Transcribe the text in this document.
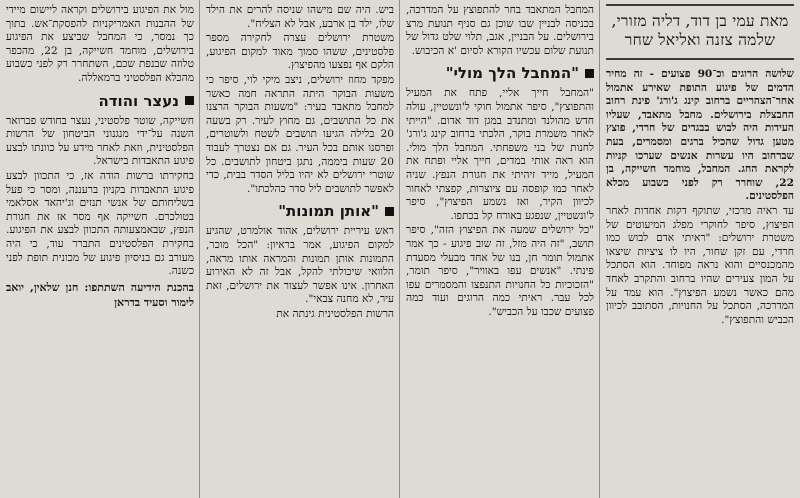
מאת עמי בן דוד, דליה מזורי, שלמה צזנה ואליאל שחר

שלושה הרוגים וכ־90 פצועים - זה מחיר הדמים של פיגוע התופת שאירע אתמול אחר־הצהריים ברחוב קינג ג'ורג' פינת רחוב החבצלת בירושלים. מחבל מתאבד, שעליו העידות היה לבוש בבגדים של חרדי, פוצץ מטען גדול שהכיל ברגים ומסמרים, בעת שברחוב היו עשרות אנשים שערכו קניות לקראת החג. המחבל, מוחמד חשייקה, בן 22, שוחרר רק לפני כשבוע מכלא הפלסטינים.

עד ראיה מרכזי, שתוקף דקות אחדות לאחר הפיצוץ, סיפר לחוקרי מפלג המיעוטים של משטרת ירושלים: "ראיתי אדם לבוש כמו חרדי, עם זקן שחור, היו לו ציציות שיצאו מהמכנסיים והוא נראה מפוחד. הוא הסתכל על המון צעירים שהיו ברחוב והתקרב לאחד מהם כאשר נשמע הפיצוץ". הוא עמד על המדרכה, הסתכל על החנויות, הסתובב לכיוון הכביש והתפוצץ".

המחבל המתאבד בחר להתפוצץ על המדרכה, בכניסה לבניין שבו שוכן גם סניף תנועת מרצ בירושלים. על הבניין, אגב, תלוי שלט גדול של תנועת שלום עכשיו הקורא לסיום 'א הכיבוש.

"המחבל הלך מולי"

"המחבל חייך אליי, פתח את המעיל והתפוצץ", סיפר אתמול חוקי ל'ונשטיין, עולה חדש מהולנד ומתנדב במגן דוד אדום. "הייתי לאחר משמרת בוקר, הלכתי ברחוב קינג ג'ורג' לחנות של בני משפחתי. המחבל הלך מולי. הוא ראה אותי במדים, חייך אליי ופתח את המעיל, מייד זיהיתי את חגורת הנפץ. שניה לאחר כמו קופסה עם ציוצרות, קפצתי לאחור לכיוון הקיר, ואז נשמע הפיצוץ", סיפר ל'ונשטיין, שנפגע באורח קל בכתפו.

"כל ירושלים שמעה את הפיצוץ הזה", סיפר תושב, "זה היה מזל, זה שוב פיגוע - כך אמר אתמול תומר חן, בנו של אחד מבעלי מסעדת פינתי. "אנשים עפו באוויר", סיפר תומר, "הזכוכיות כל החנויות התנפצו והמסמרים עפו לכל עבר. ראיתי כמה הרוגים ועוד כמה פצועים שכבו על הכביש".

ביש. היה שם מישהו שניסה להרים את הילד שלו, ילד בן ארבע, אבל לא הצליח".

משטרת ירושלים עצרה לחקירה מספר פלסטינים, ששהו סמוך מאוד למקום הפיגוע, הלקם אף נפצעו מהפיצוץ.

מפקד מחוז ירושלים, ניצב מיקי לוי, סיפר כי משעות הבוקר היתה התראה חמה כאשר למחבל מתאבד בעיר: "משעות הבוקר הרצנו את כל התושבים, גם מחוץ לעיר. רק בשעה 20 בלילה הגיעו תושבים לשטח ולשוטרים, ופרסנו אותם בכל העיר. גם אם נצטרך לעבוד 20 שעות ביממה, נתגן ביטחון לתושבים. כל שוטרי ירושלים לא יהיו בליל הסדר בבית, כדי לאפשר לתושבים ליל סדר כהלכתו".

"אותן תמונות"

ראש עיריית ירושלים, אהוד אולמרט, שהגיע למקום הפיגוע, אמר בראיון: "הכל מוכר, התמונות אותן תמונות והמראה אותו מראה, הלוואי שיכולתי להקל, אבל זה לא האירוע האחרון. אינו אפשר לעצור את ירושלים, זאת עיר, לא מחנה צבאי".

הרשות הפלסטינית גינתה את

מול את הפיגוע בירושלים וקראה ליישום מיידי של ההבנות האמריקניות להפסקת־אש. בתוך כך נמסר, כי המחבל שביצע את הפיגוע בירושלים, מוחמד חשייקה, בן 22, מהכפר טלוזה שבנפת שכם, השתחרר רק לפני כשבוע מהכלא הפלסטיני ברמאללה.

נעצר והודה

חשייקה, שוטר פלסטיני, נעצר בחודש פברואר השנה על־ידי מנגנוני הביטחון של הרשות הפלסטינית, וזאת לאחר מידע על כוונתו לבצע פיגוע התאבדות בישראל.

בחקירתו ברשות הודה אז, כי התכוון לבצע פיגוע התאבדות בקניון ברעננה, ומסר כי פעל בשליחותם של אנשי תנזים וג'יהאד אסלאמי בטולכרם. חשייקה אף מסר אז את חגורת הנפץ, שבאמצעותה התכוון לבצע את הפיגוע. בחקירת הפלסטינים התברר עוד, כי היה מעורב גם בניסיון פיגוע של מכונית תופת לפני כשנה.

בהכנת הידיעה השתתפו: חנן שלאין, יואב לימור וסעיד בדראן
